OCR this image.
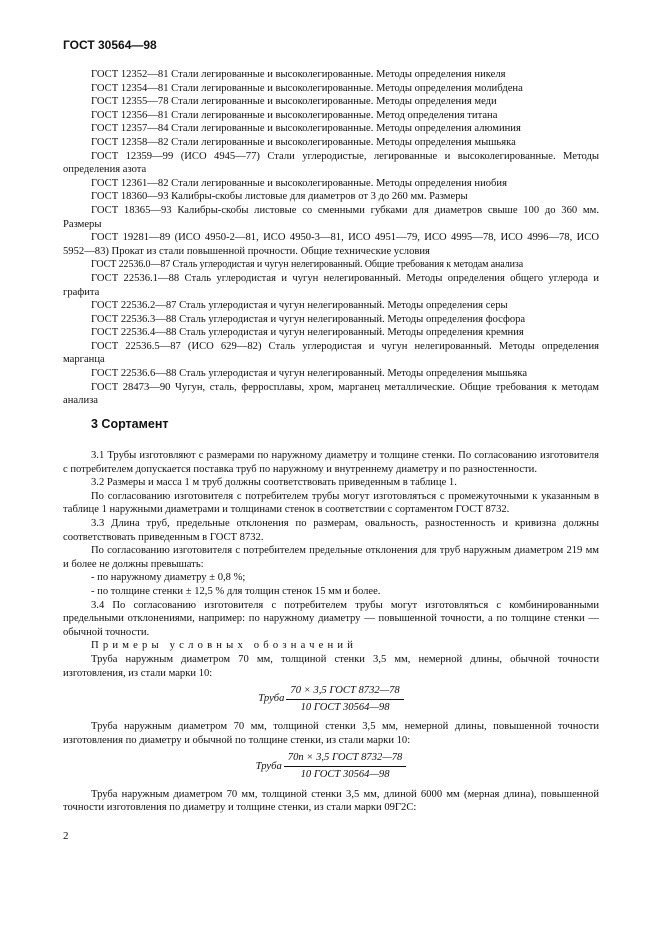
ГОСТ 30564—98

ГОСТ 12352—81 Стали легированные и высоколегированные. Методы определения никеля

ГОСТ 12354—81 Стали легированные и высоколегированные. Методы определения молибдена

ГОСТ 12355—78 Стали легированные и высоколегированные. Методы определения меди

ГОСТ 12356—81 Стали легированные и высоколегированные. Метод определения титана

ГОСТ 12357—84 Стали легированные и высоколегированные. Методы определения алюминия

ГОСТ 12358—82 Стали легированные и высоколегированные. Методы определения мышьяка

ГОСТ 12359—99 (ИСО 4945—77) Стали углеродистые, легированные и высоколегированные. Методы определения азота

ГОСТ 12361—82 Стали легированные и высоколегированные. Методы определения ниобия

ГОСТ 18360—93 Калибры-скобы листовые для диаметров от 3 до 260 мм. Размеры

ГОСТ 18365—93 Калибры-скобы листовые со сменными губками для диаметров свыше 100 до 360 мм. Размеры

ГОСТ 19281—89 (ИСО 4950-2—81, ИСО 4950-3—81, ИСО 4951—79, ИСО 4995—78, ИСО 4996—78, ИСО 5952—83) Прокат из стали повышенной прочности. Общие технические условия

ГОСТ 22536.0—87 Сталь углеродистая и чугун нелегированный. Общие требования к методам анализа

ГОСТ 22536.1—88 Сталь углеродистая и чугун нелегированный. Методы определения общего углерода и графита

ГОСТ 22536.2—87 Сталь углеродистая и чугун нелегированный. Методы определения серы

ГОСТ 22536.3—88 Сталь углеродистая и чугун нелегированный. Методы определения фосфора

ГОСТ 22536.4—88 Сталь углеродистая и чугун нелегированный. Методы определения кремния

ГОСТ 22536.5—87 (ИСО 629—82) Сталь углеродистая и чугун нелегированный. Методы определения марганца

ГОСТ 22536.6—88 Сталь углеродистая и чугун нелегированный. Методы определения мышьяка

ГОСТ 28473—90 Чугун, сталь, ферросплавы, хром, марганец металлические. Общие требования к методам анализа

3 Сортамент

3.1 Трубы изготовляют с размерами по наружному диаметру и толщине стенки. По согласованию изготовителя с потребителем допускается поставка труб по наружному и внутреннему диаметру и по разностенности.

3.2 Размеры и масса 1 м труб должны соответствовать приведенным в таблице 1.

По согласованию изготовителя с потребителем трубы могут изготовляться с промежуточными к указанным в таблице 1 наружными диаметрами и толщинами стенок в соответствии с сортаментом ГОСТ 8732.

3.3 Длина труб, предельные отклонения по размерам, овальность, разностенность и кривизна должны соответствовать приведенным в ГОСТ 8732.

По согласованию изготовителя с потребителем предельные отклонения для труб наружным диаметром 219 мм и более не должны превышать:

- по наружному диаметру ± 0,8 %;

- по толщине стенки ± 12,5 % для толщин стенок 15 мм и более.

3.4 По согласованию изготовителя с потребителем трубы могут изготовляться с комбинированными предельными отклонениями, например: по наружному диаметру — повышенной точности, а по толщине стенки — обычной точности.

Примеры условных обозначений

Труба наружным диаметром 70 мм, толщиной стенки 3,5 мм, немерной длины, обычной точности изготовления, из стали марки 10:

Труба $\frac{\text{70 × 3,5 ГОСТ 8732—78}}{\text{10 ГОСТ 30564—98}}$

Труба наружным диаметром 70 мм, толщиной стенки 3,5 мм, немерной длины, повышенной точности изготовления по диаметру и обычной по толщине стенки, из стали марки 10:

Труба $\frac{\text{70п × 3,5 ГОСТ 8732—78}}{\text{10 ГОСТ 30564—98}}$

Труба наружным диаметром 70 мм, толщиной стенки 3,5 мм, длиной 6000 мм (мерная длина), повышенной точности изготовления по диаметру и толщине стенки, из стали марки 09Г2С:

2
